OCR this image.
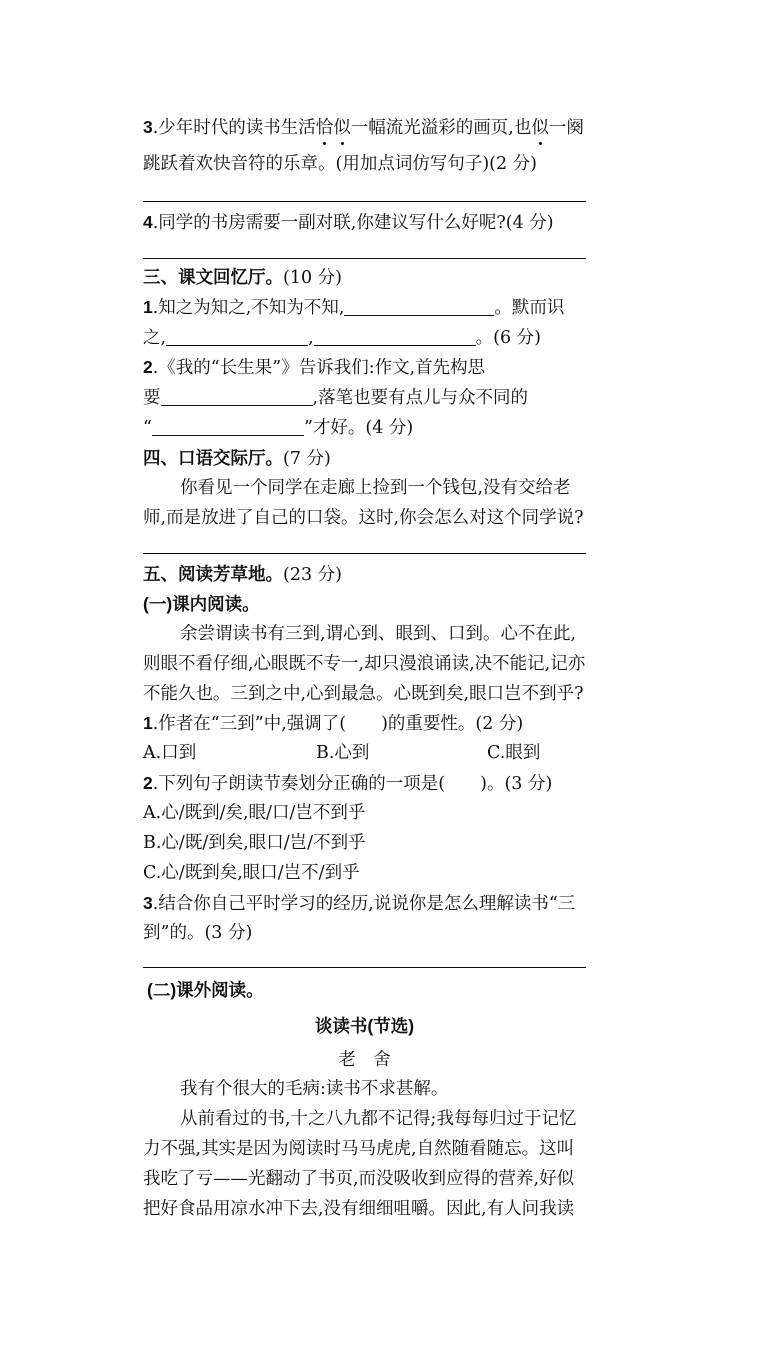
3.少年时代的读书生活恰似一幅流光溢彩的画页,也似一阕
跳跃着欢快音符的乐章。(用加点词仿写句子)(2 分)
4.同学的书房需要一副对联,你建议写什么好呢?(4 分)
三、课文回忆厅。(10 分)
1.知之为知之,不知为不知,	。默而识
之,	,	。(6 分)
2.《我的“长生果”》告诉我们:作文,首先构思
要	,落笔也要有点儿与众不同的
“	”才好。(4 分)
四、口语交际厅。(7 分)
你看见一个同学在走廊上捡到一个钱包,没有交给老
师,而是放进了自己的口袋。这时,你会怎么对这个同学说?
五、阅读芳草地。(23 分)
(一)课内阅读。
余尝谓读书有三到,谓心到、眼到、口到。心不在此,
则眼不看仔细,心眼既不专一,却只漫浪诵读,决不能记,记亦
不能久也。三到之中,心到最急。心既到矣,眼口岂不到乎?
1.作者在“三到”中,强调了(　　)的重要性。(2 分)
A.口到	B.心到	C.眼到
2.下列句子朗读节奏划分正确的一项是(　　)。(3 分)
A.心/既到/矣,眼/口/岂不到乎
B.心/既/到矣,眼口/岂/不到乎
C.心/既到矣,眼口/岂不/到乎
3.结合你自己平时学习的经历,说说你是怎么理解读书“三
到”的。(3 分)
(二)课外阅读。
谈读书(节选)
老　舍
我有个很大的毛病:读书不求甚解。
从前看过的书,十之八九都不记得;我每每归过于记忆
力不强,其实是因为阅读时马马虎虎,自然随看随忘。这叫
我吃了亏——光翻动了书页,而没吸收到应得的营养,好似
把好食品用凉水冲下去,没有细细咀嚼。因此,有人问我读
